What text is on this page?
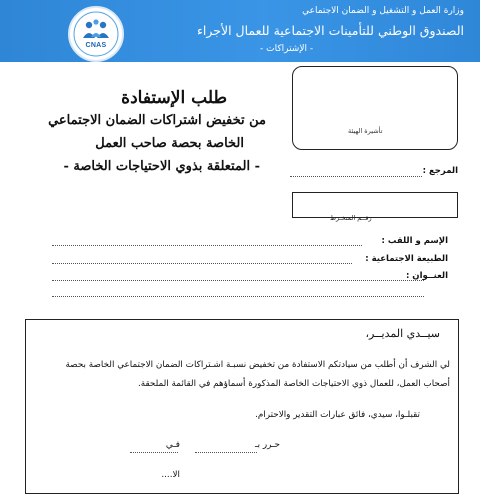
CNAS
وزارة العمل و التشغيل و الضمان الاجتماعي
الصندوق الوطني للتأمينات الاجتماعية للعمال الأجراء
- الإشتراكات -
طلب الإستفادة
من تخفيض اشتراكات الضمان الاجتماعي
الخاصة بحصة صاحب العمل
- المتعلقة بذوي الاحتياجات الخاصة -
تأشيرة الهيئة
المرجع :
رقــم المنخـرط
الإسم و اللقب :
الطبيعة الاجتماعية :
العنــوان :
سيــدي المديــر،
لي الشرف أن أطلب من سيادتكم الاستفادة من تخفيض نسبـة اشـتراكات الضمان الاجتماعي الخاصة بحصة
أصحاب العمل، للعمال ذوي الاحتياجات الخاصة المذكورة أسماؤهم في القائمة الملحقة.
تقبلـوا، سيدي، فائق عبارات التقدير والاحترام.
حـرر بـ
فـي
الا....
